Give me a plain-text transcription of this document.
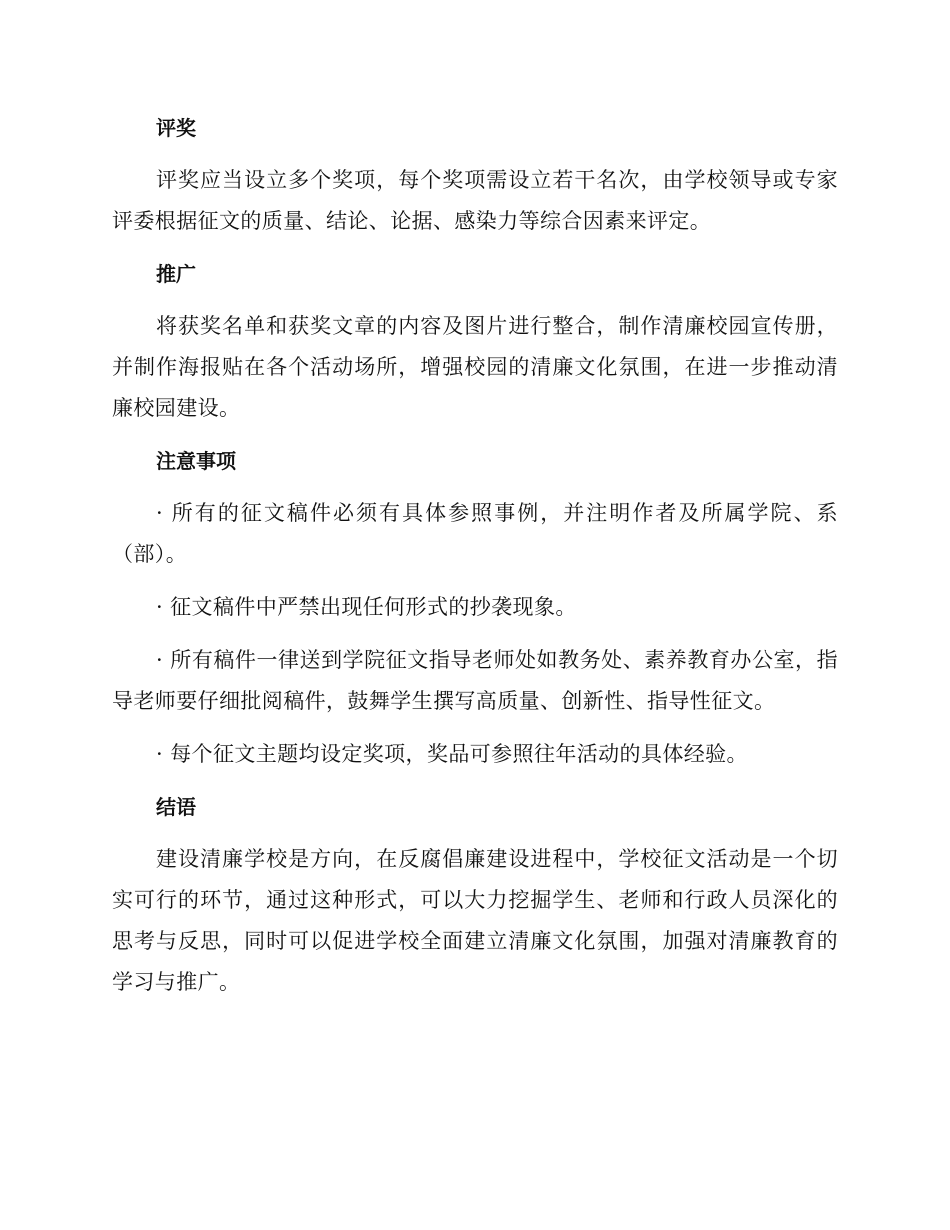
评奖

评奖应当设立多个奖项，每个奖项需设立若干名次，由学校领导或专家评委根据征文的质量、结论、论据、感染力等综合因素来评定。

推广

将获奖名单和获奖文章的内容及图片进行整合，制作清廉校园宣传册，并制作海报贴在各个活动场所，增强校园的清廉文化氛围，在进一步推动清廉校园建设。

注意事项

· 所有的征文稿件必须有具体参照事例，并注明作者及所属学院、系（部）。

· 征文稿件中严禁出现任何形式的抄袭现象。

· 所有稿件一律送到学院征文指导老师处如教务处、素养教育办公室，指导老师要仔细批阅稿件，鼓舞学生撰写高质量、创新性、指导性征文。

· 每个征文主题均设定奖项，奖品可参照往年活动的具体经验。

结语

建设清廉学校是方向，在反腐倡廉建设进程中，学校征文活动是一个切实可行的环节，通过这种形式，可以大力挖掘学生、老师和行政人员深化的思考与反思，同时可以促进学校全面建立清廉文化氛围，加强对清廉教育的学习与推广。
